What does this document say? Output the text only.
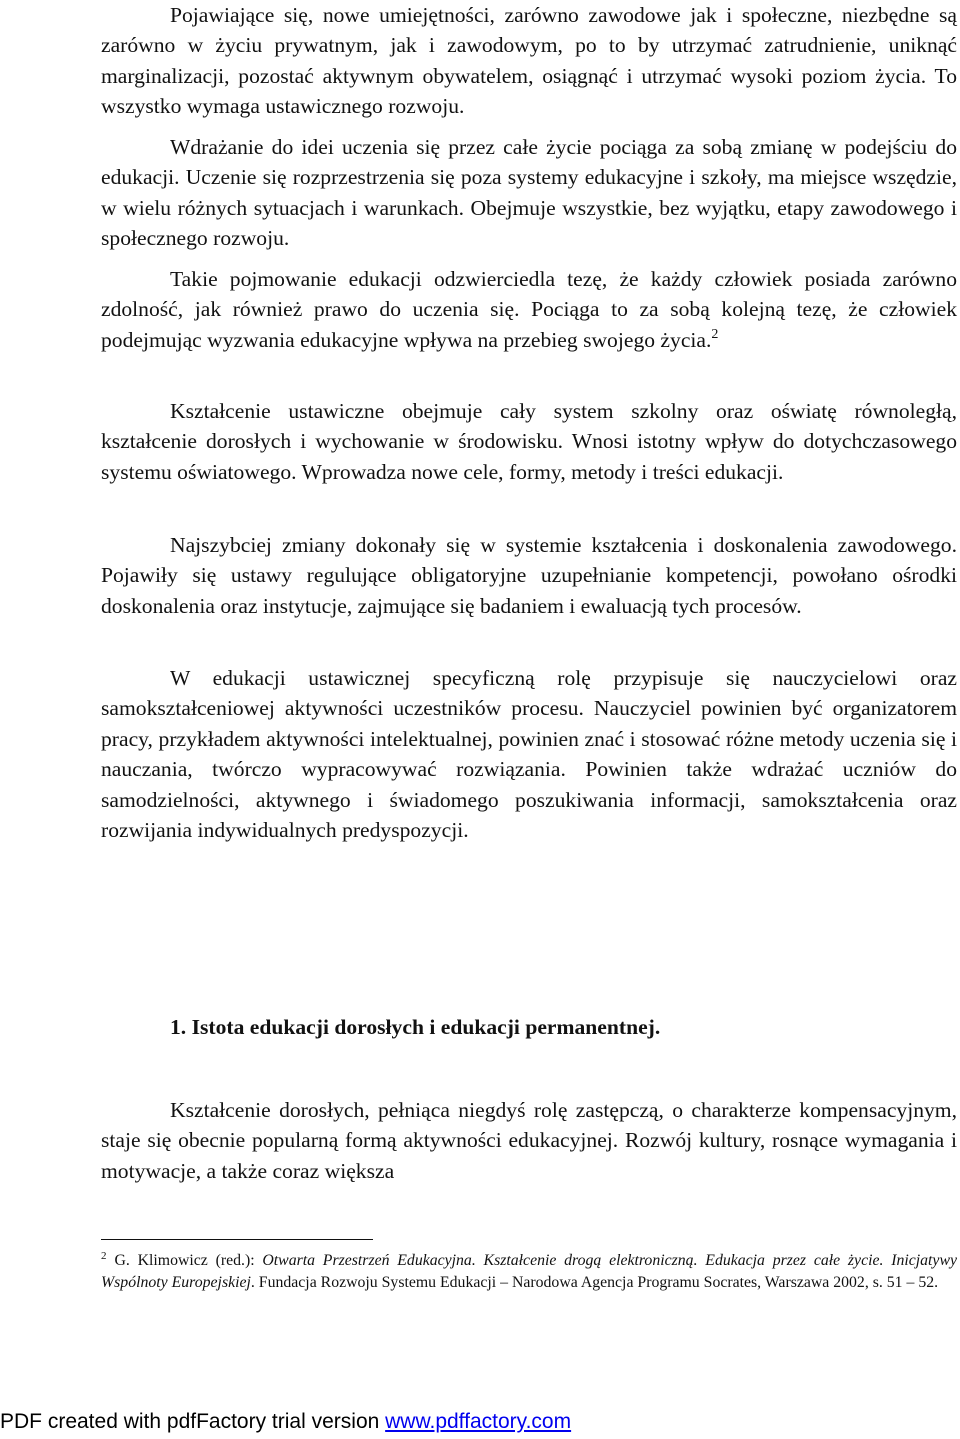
Pojawiające się, nowe umiejętności, zarówno zawodowe jak i społeczne, niezbędne są zarówno w życiu prywatnym, jak i zawodowym, po to by utrzymać zatrudnienie, uniknąć marginalizacji, pozostać aktywnym obywatelem, osiągnąć i utrzymać wysoki poziom życia. To wszystko wymaga ustawicznego rozwoju.

Wdrażanie do idei uczenia się przez całe życie pociąga za sobą zmianę w podejściu do edukacji. Uczenie się rozprzestrzenia się poza systemy edukacyjne i szkoły, ma miejsce wszędzie, w wielu różnych sytuacjach i warunkach. Obejmuje wszystkie, bez wyjątku, etapy zawodowego i społecznego rozwoju.

Takie pojmowanie edukacji odzwierciedla tezę, że każdy człowiek posiada zarówno zdolność, jak również prawo do uczenia się. Pociąga to za sobą kolejną tezę, że człowiek podejmując wyzwania edukacyjne wpływa na przebieg swojego życia.$^2$

Kształcenie ustawiczne obejmuje cały system szkolny oraz oświatę równoległą, kształcenie dorosłych i wychowanie w środowisku. Wnosi istotny wpływ do dotychczasowego systemu oświatowego. Wprowadza nowe cele, formy, metody i treści edukacji.

Najszybciej zmiany dokonały się w systemie kształcenia i doskonalenia zawodowego. Pojawiły się ustawy regulujące obligatoryjne uzupełnianie kompetencji, powołano ośrodki doskonalenia oraz instytucje, zajmujące się badaniem i ewaluacją tych procesów.

W edukacji ustawicznej specyficzną rolę przypisuje się nauczycielowi oraz samokształceniowej aktywności uczestników procesu. Nauczyciel powinien być organizatorem pracy, przykładem aktywności intelektualnej, powinien znać i stosować różne metody uczenia się i nauczania, twórczo wypracowywać rozwiązania. Powinien także wdrażać uczniów do samodzielności, aktywnego i świadomego poszukiwania informacji, samokształcenia oraz rozwijania indywidualnych predyspozycji.

1. Istota edukacji dorosłych i edukacji permanentnej.

Kształcenie dorosłych, pełniąca niegdyś rolę zastępczą, o charakterze kompensacyjnym, staje się obecnie popularną formą aktywności edukacyjnej. Rozwój kultury, rosnące wymagania i motywacje, a także coraz większa

$^2$ G. Klimowicz (red.): Otwarta Przestrzeń Edukacyjna. Kształcenie drogą elektroniczną. Edukacja przez całe życie. Inicjatywy Wspólnoty Europejskiej. Fundacja Rozwoju Systemu Edukacji – Narodowa Agencja Programu Socrates, Warszawa 2002, s. 51 – 52.

PDF created with pdfFactory trial version www.pdffactory.com
